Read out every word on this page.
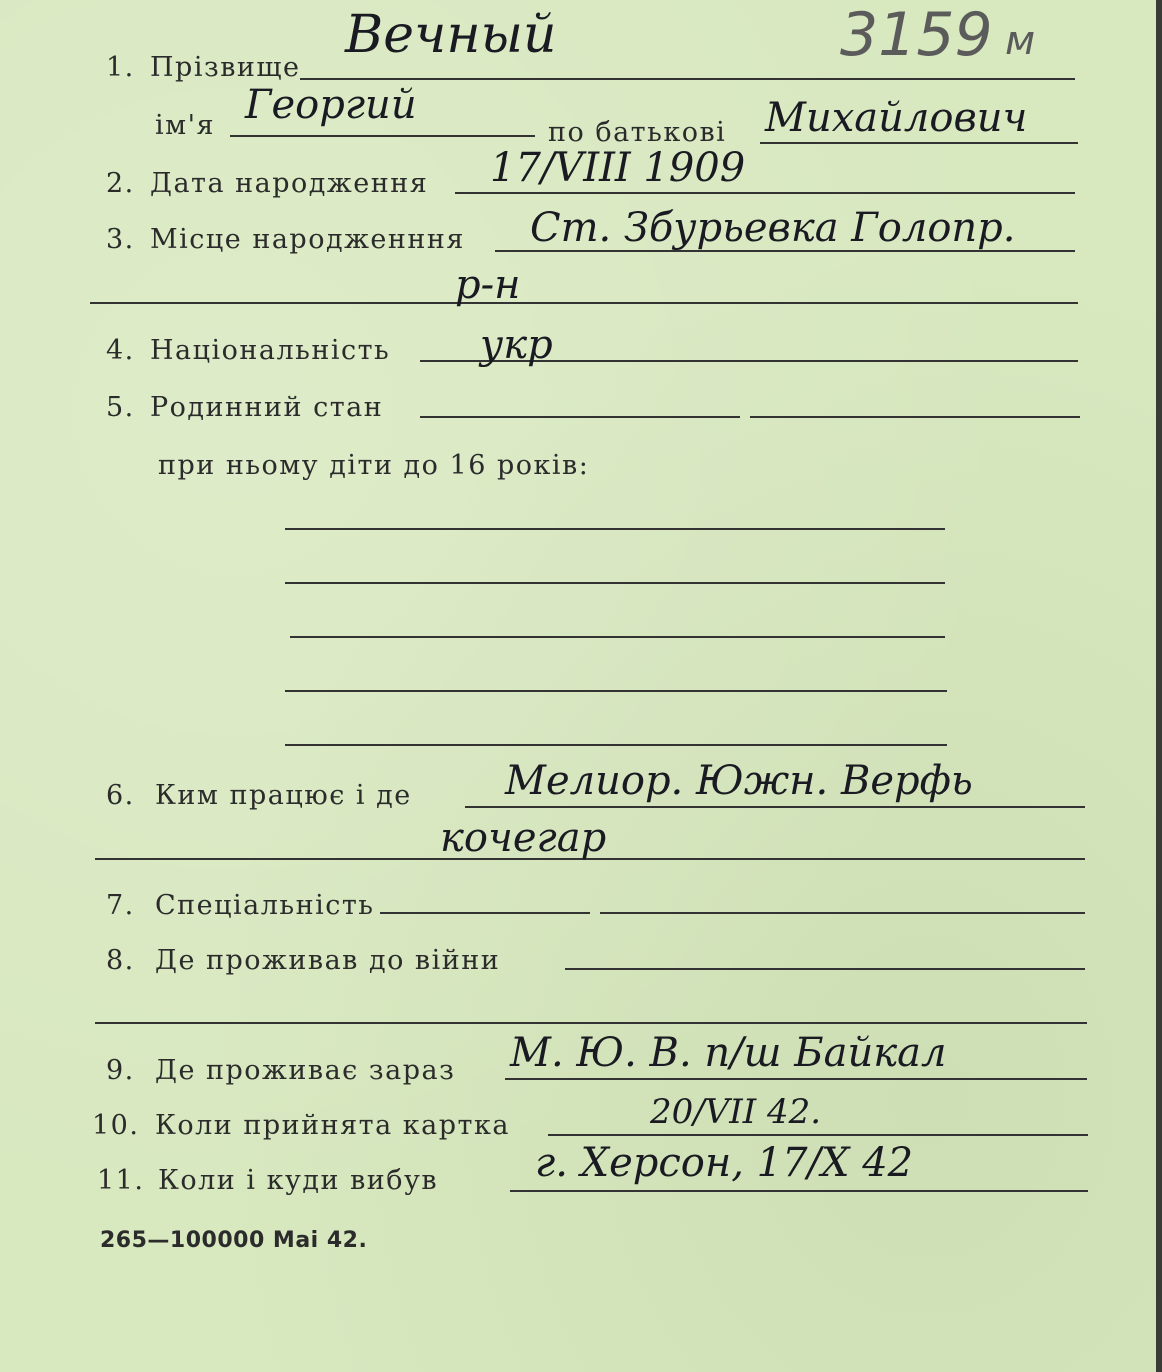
3159 м
1. Прізвище
Вечный
ім'я Георгий
по батькові Михайлович
2. Дата народження 17/VIII 1909
3. Місце народженння Ст. Збурьевка Голопр.
р-н
4. Національність укр
5. Родинний стан
при ньому діти до 16 років:
6. Ким працює і де Мелиор. Южн. Верфь
кочегар
7. Спеціальність
8. Де проживав до війни
9. Де проживає зараз М. Ю. В. п/ш Байкал
10. Коли прийнята картка	20/VII 42.
11. Коли і куди вибув г. Херсон, 17/X 42
265—100000 Mai 42.
